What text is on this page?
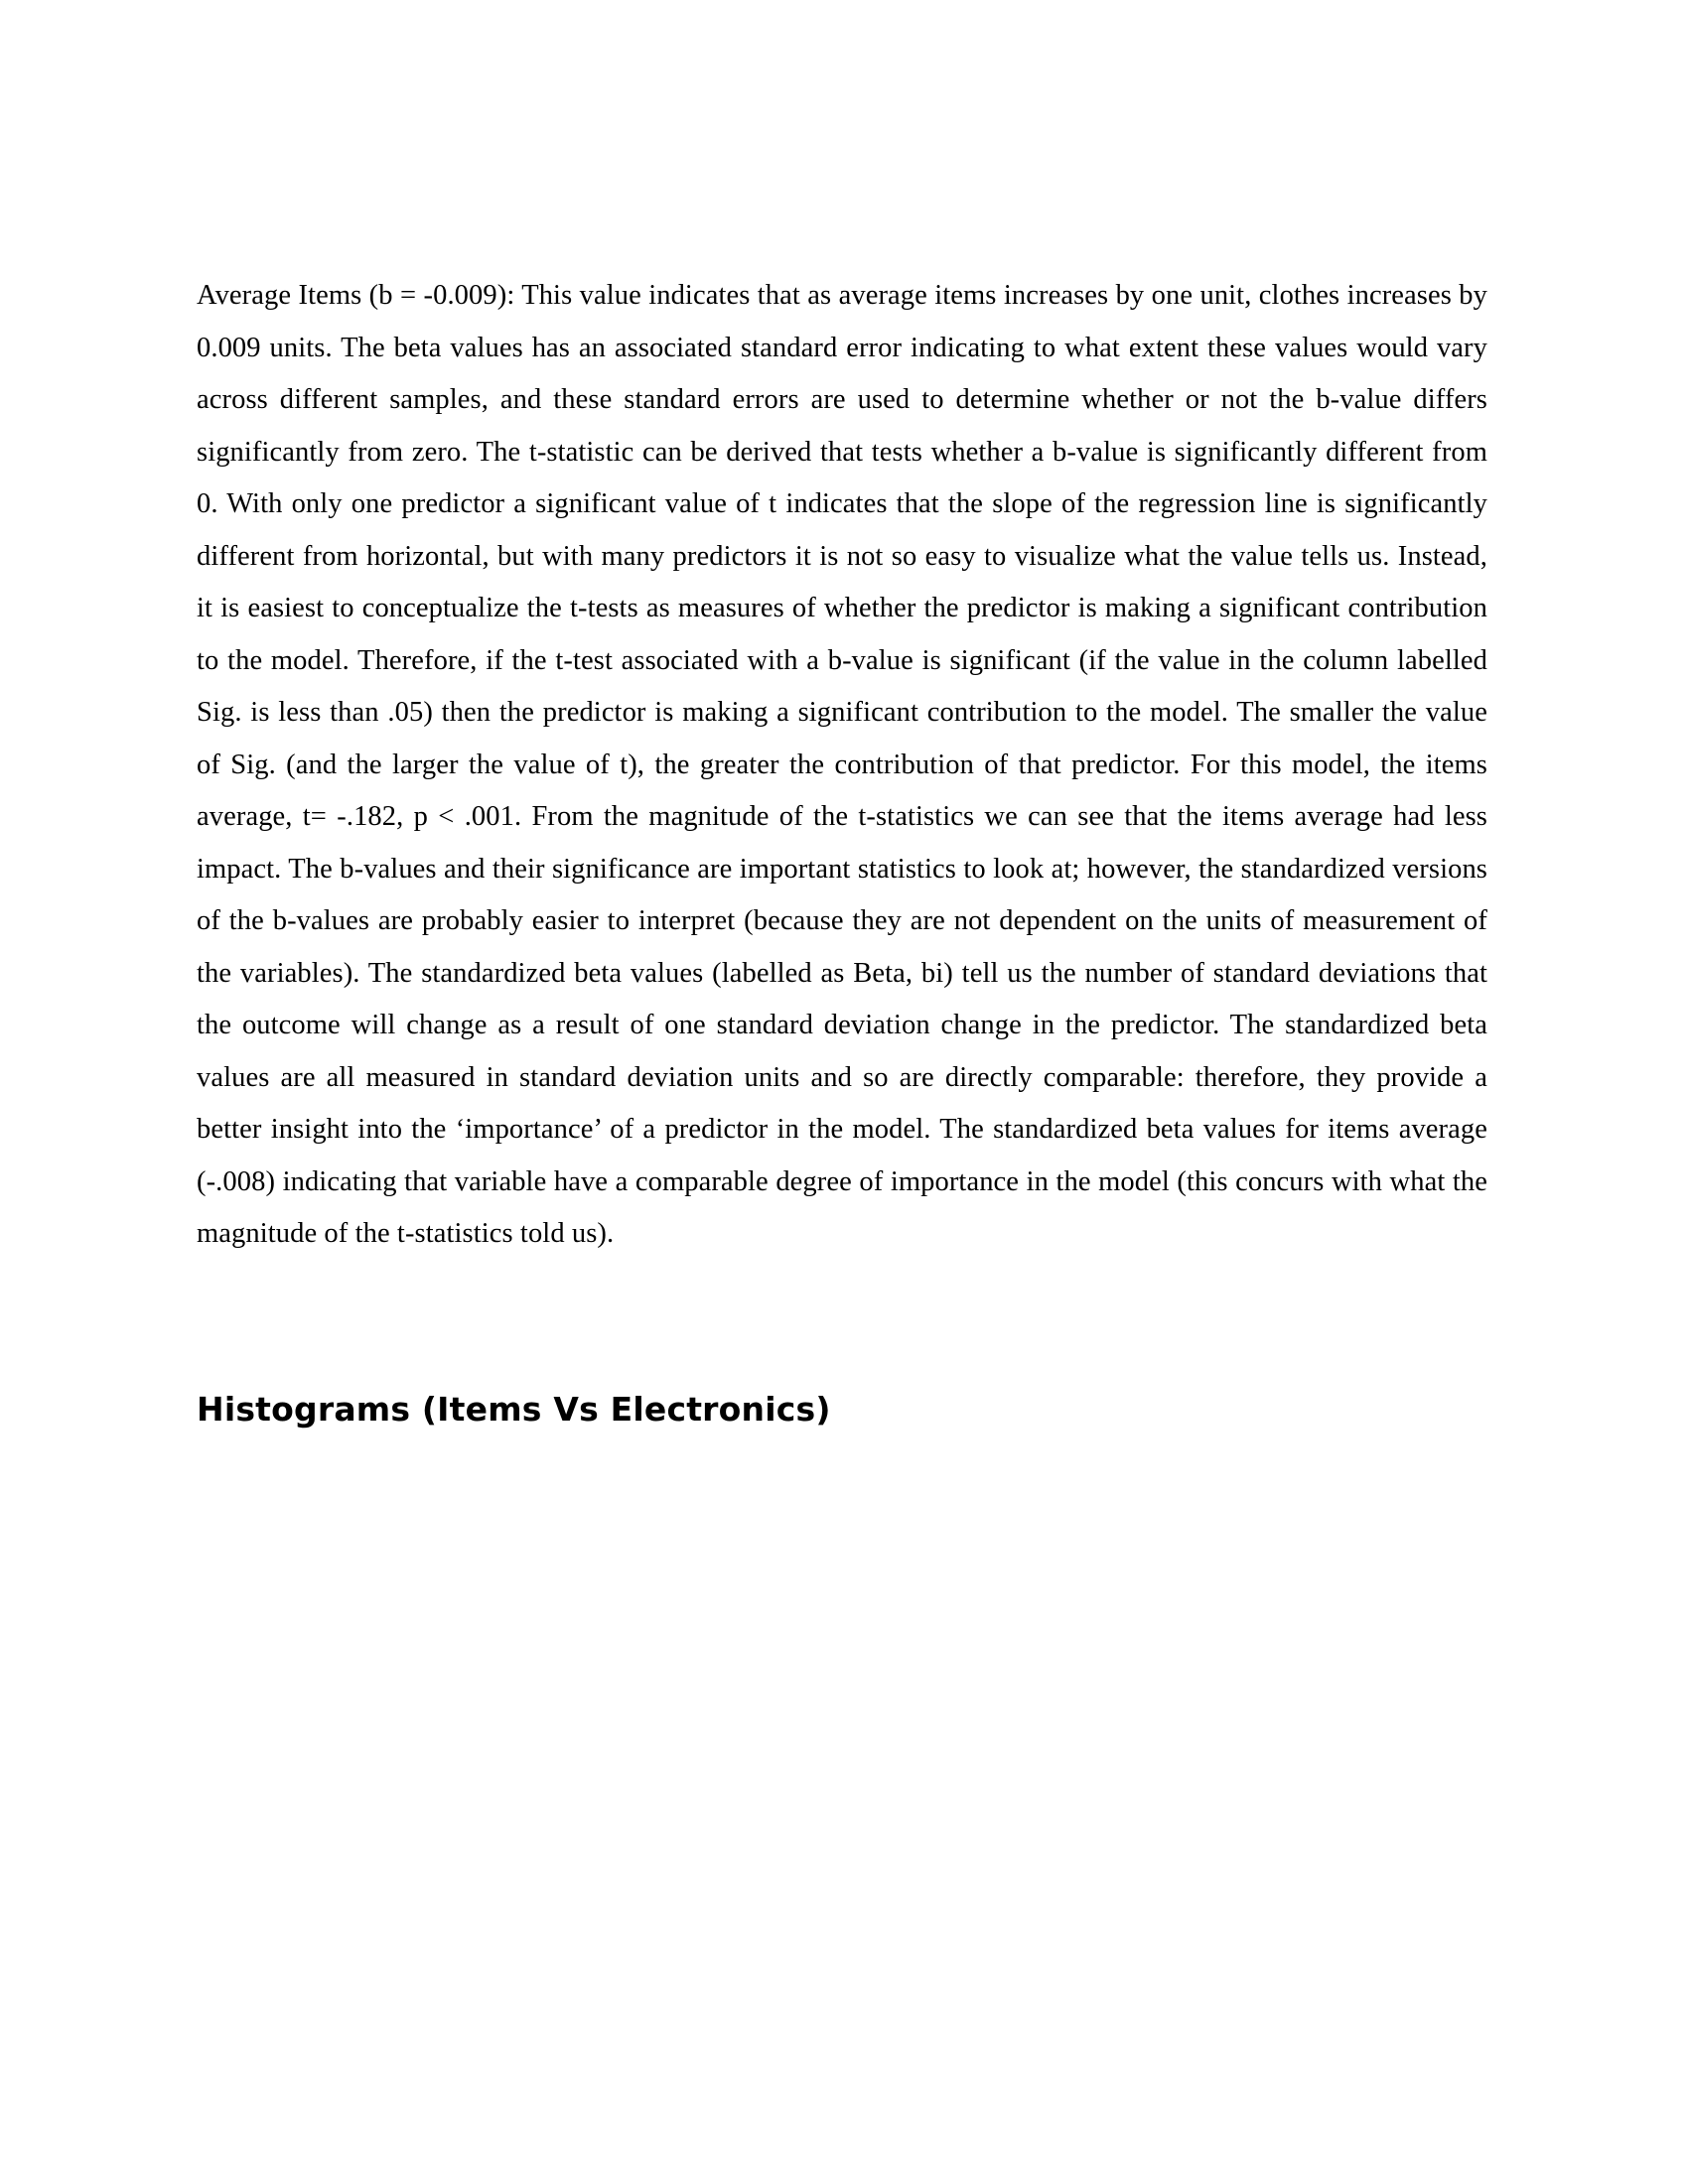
Average Items (b = -0.009): This value indicates that as average items increases by one unit, clothes increases by 0.009 units. The beta values has an associated standard error indicating to what extent these values would vary across different samples, and these standard errors are used to determine whether or not the b-value differs significantly from zero. The t-statistic can be derived that tests whether a b-value is significantly different from 0. With only one predictor a significant value of t indicates that the slope of the regression line is significantly different from horizontal, but with many predictors it is not so easy to visualize what the value tells us. Instead, it is easiest to conceptualize the t-tests as measures of whether the predictor is making a significant contribution to the model. Therefore, if the t-test associated with a b-value is significant (if the value in the column labelled Sig. is less than .05) then the predictor is making a significant contribution to the model. The smaller the value of Sig. (and the larger the value of t), the greater the contribution of that predictor. For this model, the items average, t= -.182, p < .001. From the magnitude of the t-statistics we can see that the items average had less impact. The b-values and their significance are important statistics to look at; however, the standardized versions of the b-values are probably easier to interpret (because they are not dependent on the units of measurement of the variables). The standardized beta values (labelled as Beta, bi) tell us the number of standard deviations that the outcome will change as a result of one standard deviation change in the predictor. The standardized beta values are all measured in standard deviation units and so are directly comparable: therefore, they provide a better insight into the ‘importance’ of a predictor in the model. The standardized beta values for items average (-.008) indicating that variable have a comparable degree of importance in the model (this concurs with what the magnitude of the t-statistics told us).

Histograms (Items Vs Electronics)
